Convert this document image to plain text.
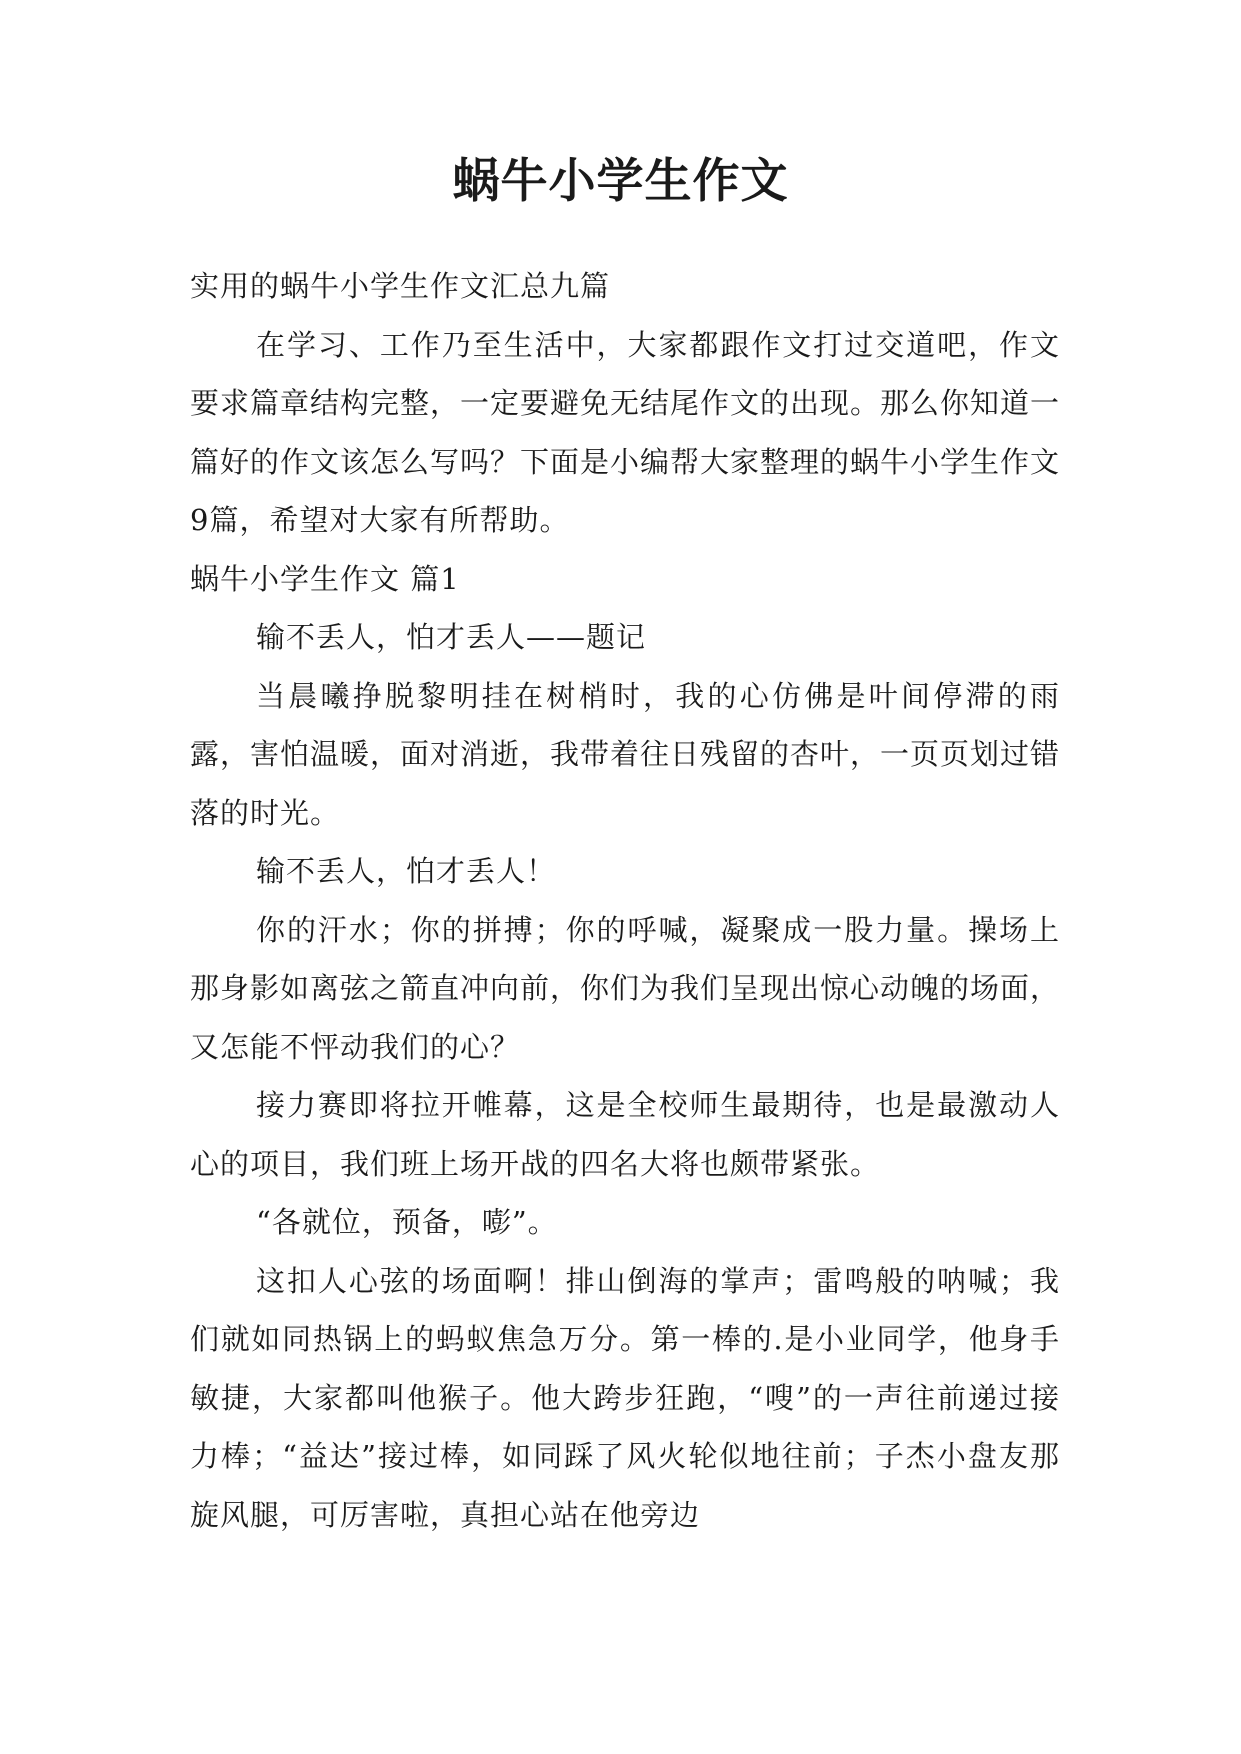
蜗牛小学生作文

实用的蜗牛小学生作文汇总九篇

在学习、工作乃至生活中，大家都跟作文打过交道吧，作文要求篇章结构完整，一定要避免无结尾作文的出现。那么你知道一篇好的作文该怎么写吗？下面是小编帮大家整理的蜗牛小学生作文9篇，希望对大家有所帮助。

蜗牛小学生作文 篇1

输不丢人，怕才丢人——题记

当晨曦挣脱黎明挂在树梢时，我的心仿佛是叶间停滞的雨露，害怕温暖，面对消逝，我带着往日残留的杏叶，一页页划过错落的时光。

输不丢人，怕才丢人！

你的汗水；你的拼搏；你的呼喊，凝聚成一股力量。操场上那身影如离弦之箭直冲向前，你们为我们呈现出惊心动魄的场面，又怎能不怦动我们的心？

接力赛即将拉开帷幕，这是全校师生最期待，也是最激动人心的项目，我们班上场开战的四名大将也颇带紧张。

“各就位，预备，嘭”。

这扣人心弦的场面啊！排山倒海的掌声；雷鸣般的呐喊；我们就如同热锅上的蚂蚁焦急万分。第一棒的.是小业同学，他身手敏捷，大家都叫他猴子。他大跨步狂跑，“嗖”的一声往前递过接力棒；“益达”接过棒，如同踩了风火轮似地往前；子杰小盘友那旋风腿，可厉害啦，真担心站在他旁边
